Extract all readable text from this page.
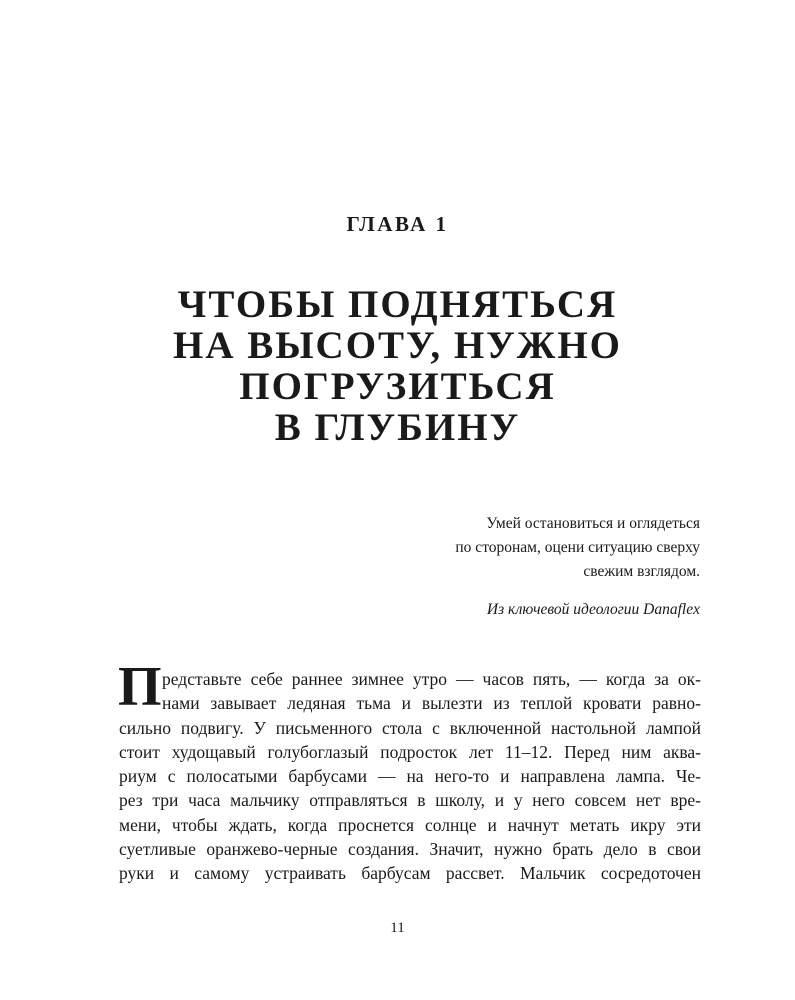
ГЛАВА 1
ЧТОБЫ ПОДНЯТЬСЯ
НА ВЫСОТУ, НУЖНО
ПОГРУЗИТЬСЯ
В ГЛУБИНУ
Умей остановиться и оглядеться
по сторонам, оцени ситуацию сверху
свежим взглядом.
Из ключевой идеологии Danaflex
П редставьте себе раннее зимнее утро — часов пять, — когда за ок-
нами завывает ледяная тьма и вылезти из теплой кровати равно-
сильно подвигу. У письменного стола с включенной настольной лампой
стоит худощавый голубоглазый подросток лет 11–12. Перед ним аква-
риум с полосатыми барбусами — на него-то и направлена лампа. Че-
рез три часа мальчику отправляться в школу, и у него совсем нет вре-
мени, чтобы ждать, когда проснется солнце и начнут метать икру эти
суетливые оранжево-черные создания. Значит, нужно брать дело в свои
руки и самому устраивать барбусам рассвет. Мальчик сосредоточен
11
